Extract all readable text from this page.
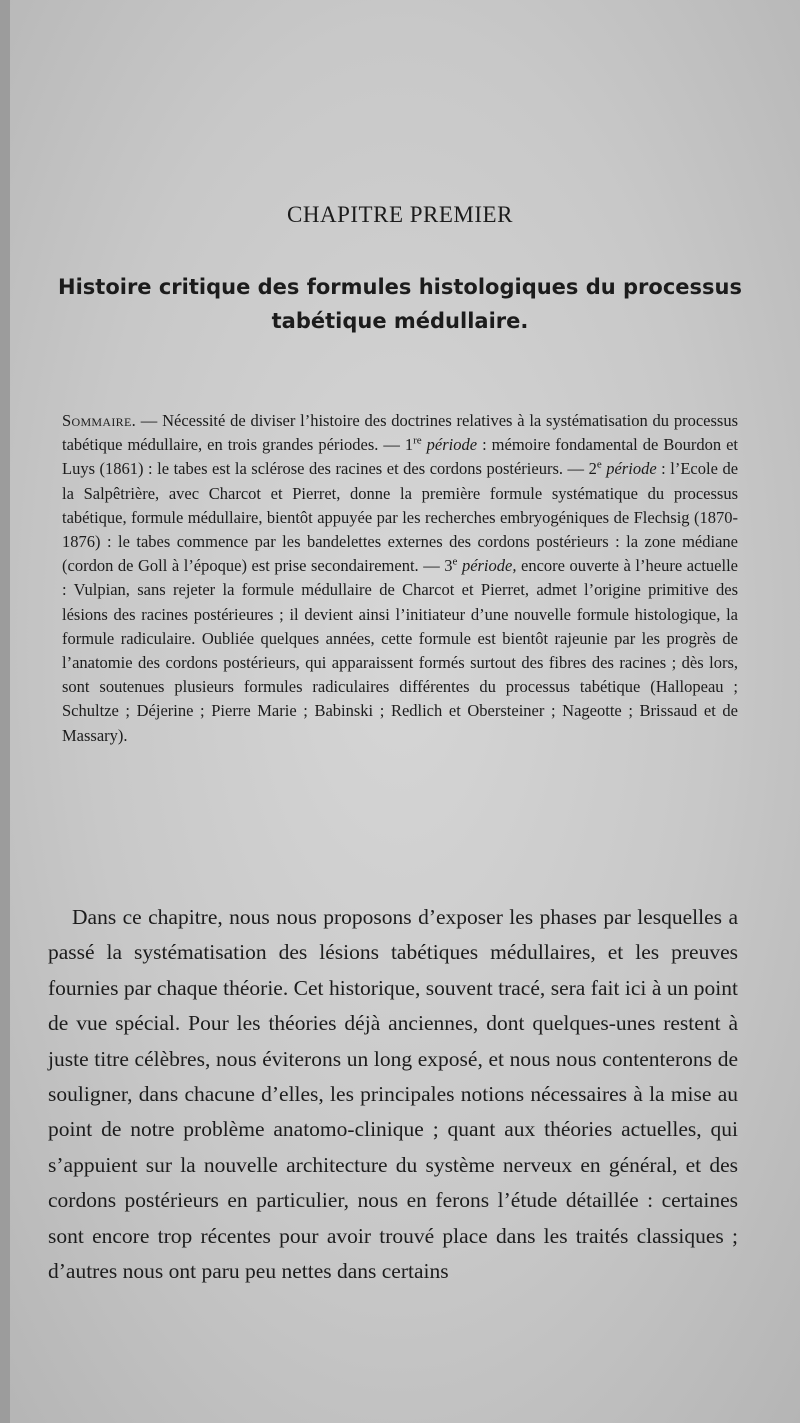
CHAPITRE PREMIER
Histoire critique des formules histologiques du processus
tabétique médullaire.
Sommaire. — Nécessité de diviser l’histoire des doctrines relatives à la systématisation du processus tabétique médullaire, en trois grandes périodes. — 1re période : mémoire fondamental de Bourdon et Luys (1861) : le tabes est la sclérose des racines et des cordons postérieurs. — 2e période : l’Ecole de la Salpêtrière, avec Charcot et Pierret, donne la première formule systématique du processus tabétique, formule médullaire, bientôt appuyée par les recherches embryogéniques de Flechsig (1870-1876) : le tabes commence par les bandelettes externes des cordons postérieurs : la zone médiane (cordon de Goll à l’époque) est prise secondairement. — 3e période, encore ouverte à l’heure actuelle : Vulpian, sans rejeter la formule médullaire de Charcot et Pierret, admet l’origine primitive des lésions des racines postérieures ; il devient ainsi l’initiateur d’une nouvelle formule histologique, la formule radiculaire. Oubliée quelques années, cette formule est bientôt rajeunie par les progrès de l’anatomie des cordons postérieurs, qui apparaissent formés surtout des fibres des racines ; dès lors, sont soutenues plusieurs formules radiculaires différentes du processus tabétique (Hallopeau ; Schultze ; Déjerine ; Pierre Marie ; Babinski ; Redlich et Obersteiner ; Nageotte ; Brissaud et de Massary).
Dans ce chapitre, nous nous proposons d’exposer les phases par lesquelles a passé la systématisation des lésions tabétiques médullaires, et les preuves fournies par chaque théorie. Cet historique, souvent tracé, sera fait ici à un point de vue spécial. Pour les théories déjà anciennes, dont quelques-unes restent à juste titre célèbres, nous éviterons un long exposé, et nous nous contenterons de souligner, dans chacune d’elles, les principales notions nécessaires à la mise au point de notre problème anatomo-clinique ; quant aux théories actuelles, qui s’appuient sur la nouvelle architecture du système nerveux en général, et des cordons postérieurs en particulier, nous en ferons l’étude détaillée : certaines sont encore trop récentes pour avoir trouvé place dans les traités classiques ; d’autres nous ont paru peu nettes dans certains
